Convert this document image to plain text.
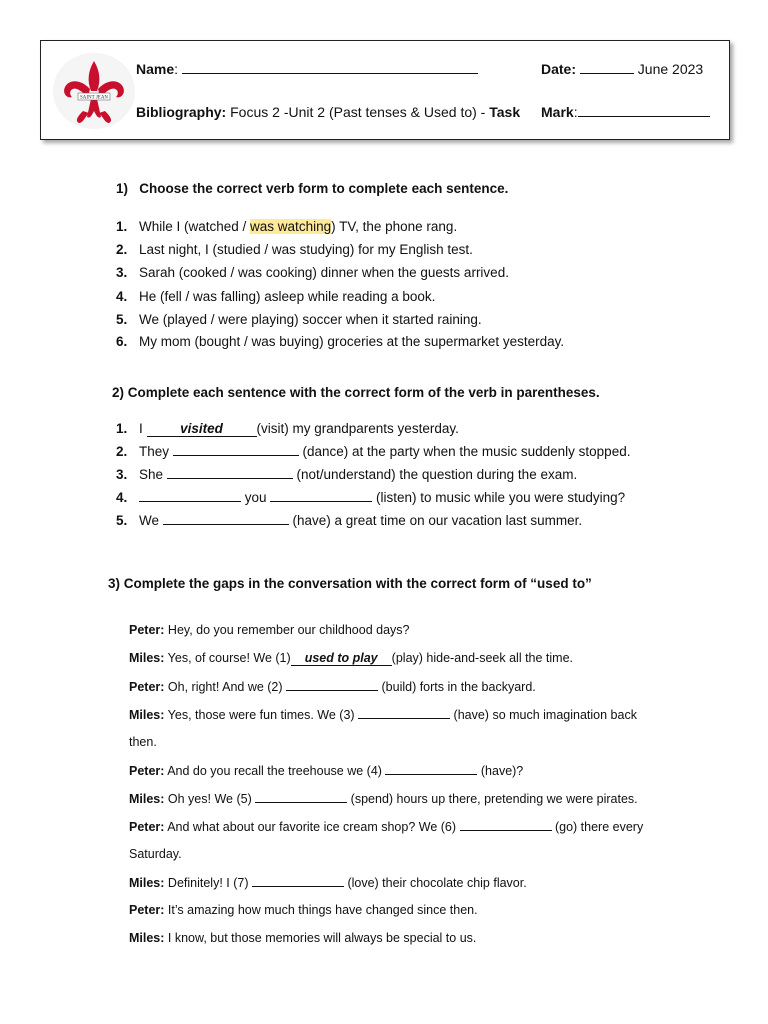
SAINT JEAN
Name:	Date:	June 2023
Bibliography: Focus 2 -Unit 2 (Past tenses & Used to) - Task Mark:
1)   Choose the correct verb form to complete each sentence.
1. While I (watched / was watching) TV, the phone rang.
2. Last night, I (studied / was studying) for my English test.
3. Sarah (cooked / was cooking) dinner when the guests arrived.
4. He (fell / was falling) asleep while reading a book.
5. We (played / were playing) soccer when it started raining.
6. My mom (bought / was buying) groceries at the supermarket yesterday.
2) Complete each sentence with the correct form of the verb in parentheses.
1. I visited (visit) my grandparents yesterday.
2. They	(dance) at the party when the music suddenly stopped.
3. She	(not/understand) the question during the exam.
4.	you	(listen) to music while you were studying?
5. We	(have) a great time on our vacation last summer.
3) Complete the gaps in the conversation with the correct form of “used to”
Peter: Hey, do you remember our childhood days?
Miles: Yes, of course! We (1) used to play (play) hide-and-seek all the time.
Peter: Oh, right! And we (2)	(build) forts in the backyard.
Miles: Yes, those were fun times. We (3)	(have) so much imagination back
then.
Peter: And do you recall the treehouse we (4)	(have)?
Miles: Oh yes! We (5)	(spend) hours up there, pretending we were pirates.
Peter: And what about our favorite ice cream shop? We (6)	(go) there every
Saturday.
Miles: Definitely! I (7)	(love) their chocolate chip flavor.
Peter: It’s amazing how much things have changed since then.
Miles: I know, but those memories will always be special to us.
